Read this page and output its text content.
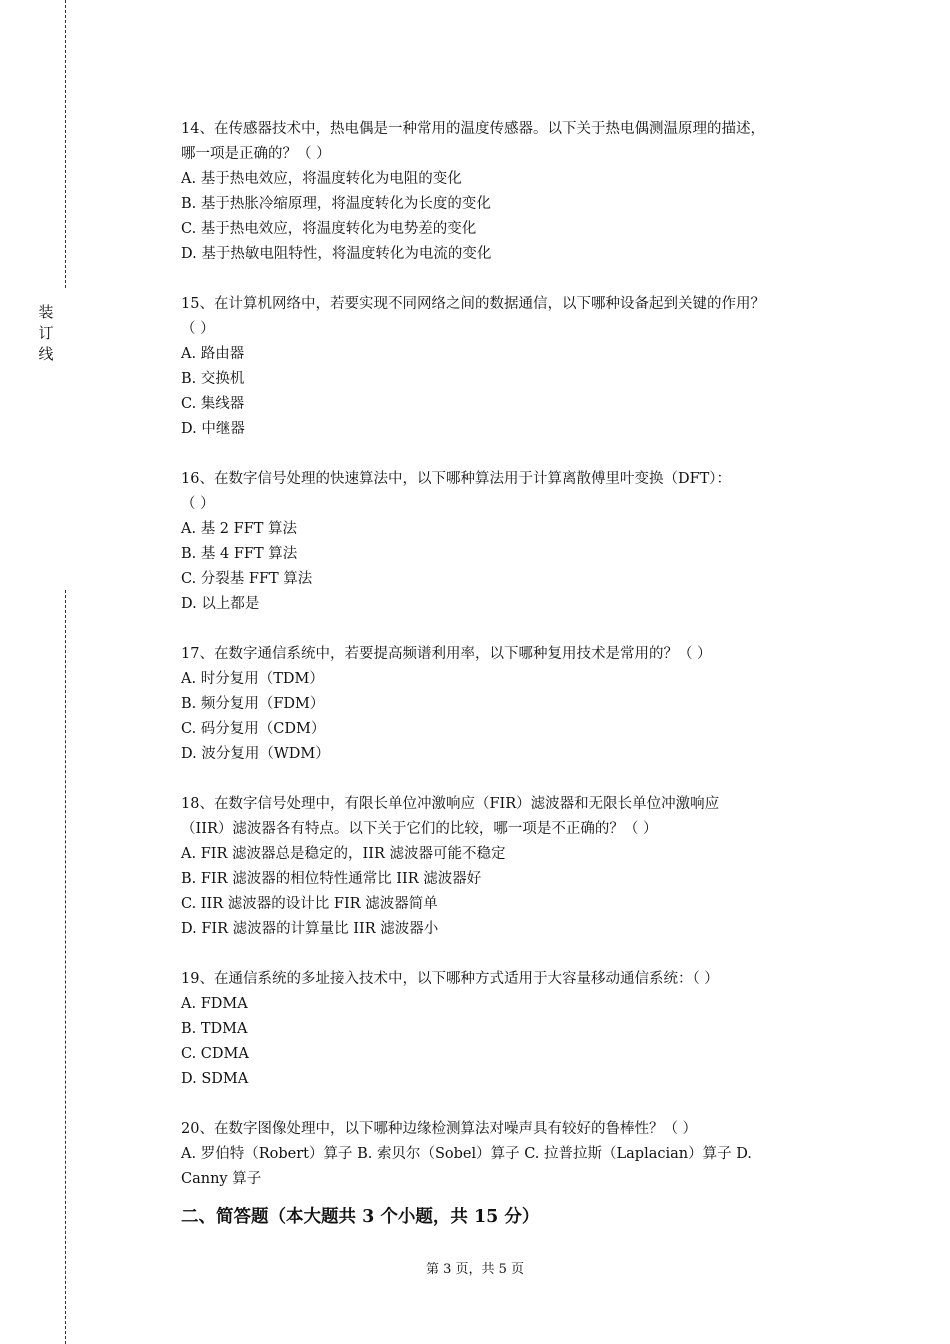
装
订
线

14、在传感器技术中，热电偶是一种常用的温度传感器。以下关于热电偶测温原理的描述，

哪一项是正确的？（ ）

A. 基于热电效应，将温度转化为电阻的变化

B. 基于热胀冷缩原理，将温度转化为长度的变化

C. 基于热电效应，将温度转化为电势差的变化

D. 基于热敏电阻特性，将温度转化为电流的变化

15、在计算机网络中，若要实现不同网络之间的数据通信，以下哪种设备起到关键的作用？

（ ）

A. 路由器

B. 交换机

C. 集线器

D. 中继器

16、在数字信号处理的快速算法中，以下哪种算法用于计算离散傅里叶变换（DFT）：

（ ）

A. 基 2 FFT 算法

B. 基 4 FFT 算法

C. 分裂基 FFT 算法

D. 以上都是

17、在数字通信系统中，若要提高频谱利用率，以下哪种复用技术是常用的？（ ）

A. 时分复用（TDM）

B. 频分复用（FDM）

C. 码分复用（CDM）

D. 波分复用（WDM）

18、在数字信号处理中，有限长单位冲激响应（FIR）滤波器和无限长单位冲激响应

（IIR）滤波器各有特点。以下关于它们的比较，哪一项是不正确的？（ ）

A. FIR 滤波器总是稳定的，IIR 滤波器可能不稳定

B. FIR 滤波器的相位特性通常比 IIR 滤波器好

C. IIR 滤波器的设计比 FIR 滤波器简单

D. FIR 滤波器的计算量比 IIR 滤波器小

19、在通信系统的多址接入技术中，以下哪种方式适用于大容量移动通信系统：（ ）

A. FDMA

B. TDMA

C. CDMA

D. SDMA

20、在数字图像处理中，以下哪种边缘检测算法对噪声具有较好的鲁棒性？（ ）

A. 罗伯特（Robert）算子 B. 索贝尔（Sobel）算子 C. 拉普拉斯（Laplacian）算子 D.

Canny 算子

二、简答题（本大题共 3 个小题，共 15 分）

第 3 页，共 5 页
